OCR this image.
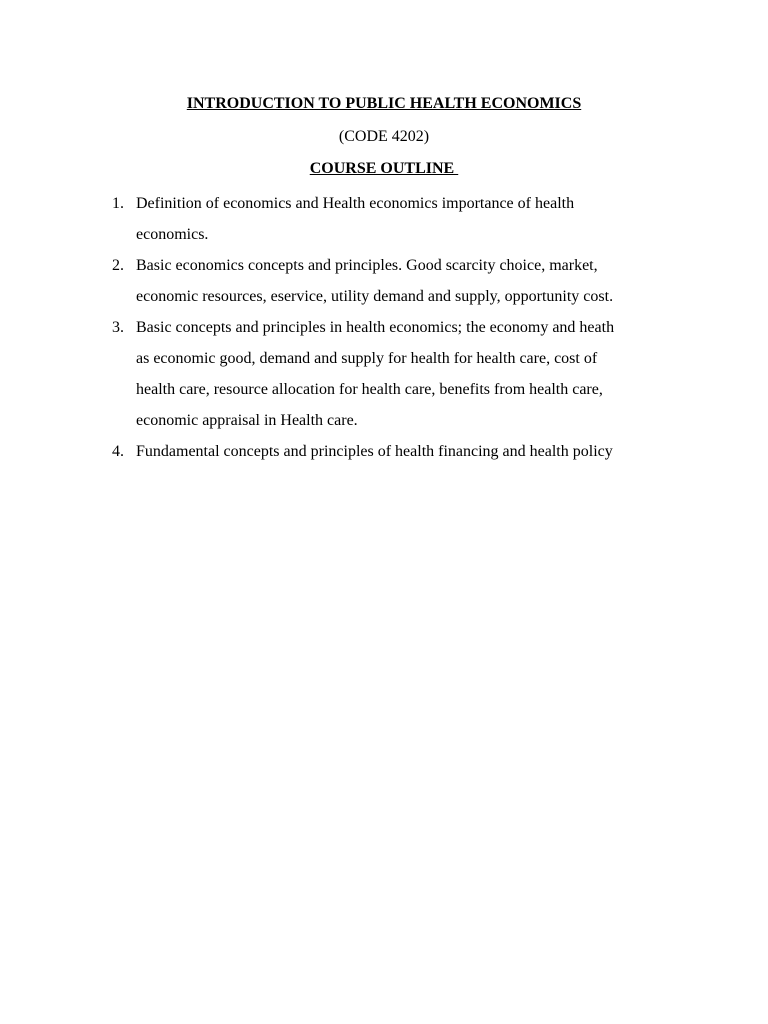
INTRODUCTION TO PUBLIC HEALTH ECONOMICS
(CODE 4202)
COURSE OUTLINE
1. Definition of economics and Health economics importance of health
economics.
2. Basic economics concepts and principles. Good scarcity choice, market,
economic resources, eservice, utility demand and supply, opportunity cost.
3. Basic concepts and principles in health economics; the economy and heath
as economic good, demand and supply for health for health care, cost of
health care, resource allocation for health care, benefits from health care,
economic appraisal in Health care.
4. Fundamental concepts and principles of health financing and health policy
